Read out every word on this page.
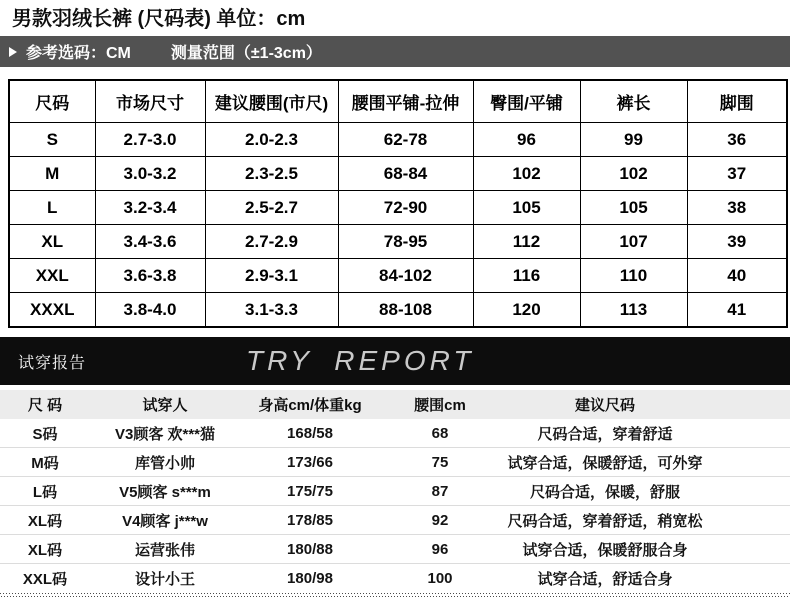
男款羽绒长裤 (尺码表) 单位：cm
参考选码：CM	测量范围（±1-3cm）
尺码	市场尺寸	建议腰围(市尺)	腰围平铺-拉伸	臀围/平铺	裤长	脚围
S	2.7-3.0	2.0-2.3	62-78	96	99	36
M	3.0-3.2	2.3-2.5	68-84	102	102	37
L	3.2-3.4	2.5-2.7	72-90	105	105	38
XL	3.4-3.6	2.7-2.9	78-95	112	107	39
XXL	3.6-3.8	2.9-3.1	84-102	116	110	40
XXXL	3.8-4.0	3.1-3.3	88-108	120	113	41
试穿报告	TRY REPORT
尺 码	试穿人	身高cm/体重kg	腰围cm	建议尺码
S码	V3顾客 欢***猫	168/58	68	尺码合适，穿着舒适
M码	库管小帅	173/66	75	试穿合适，保暖舒适，可外穿
L码	V5顾客 s***m	175/75	87	尺码合适，保暖，舒服
XL码	V4顾客 j***w	178/85	92	尺码合适，穿着舒适，稍宽松
XL码	运营张伟	180/88	96	试穿合适，保暖舒服合身
XXL码	设计小王	180/98	100	试穿合适，舒适合身
